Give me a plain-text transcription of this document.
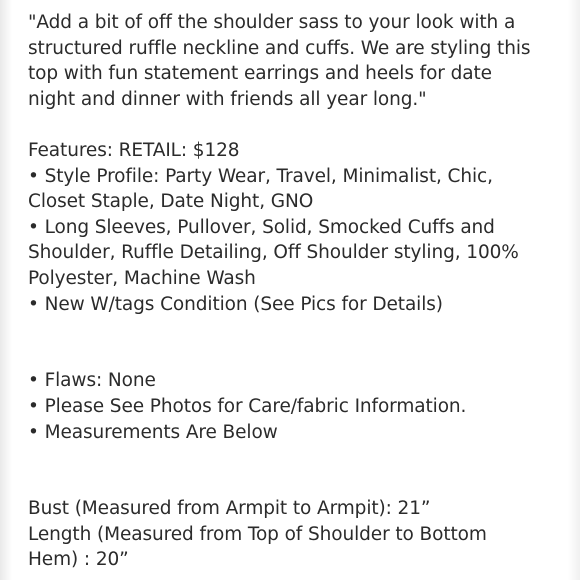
"Add a bit of off the shoulder sass to your look with a
structured ruffle neckline and cuffs. We are styling this
top with fun statement earrings and heels for date
night and dinner with friends all year long."
Features: RETAIL: $128
• Style Profile: Party Wear, Travel, Minimalist, Chic,
Closet Staple, Date Night, GNO
• Long Sleeves, Pullover, Solid, Smocked Cuffs and
Shoulder, Ruffle Detailing, Off Shoulder styling, 100%
Polyester, Machine Wash
• New W/tags Condition (See Pics for Details)
• Flaws: None
• Please See Photos for Care/fabric Information.
• Measurements Are Below
Bust (Measured from Armpit to Armpit): 21”
Length (Measured from Top of Shoulder to Bottom
Hem) : 20”
